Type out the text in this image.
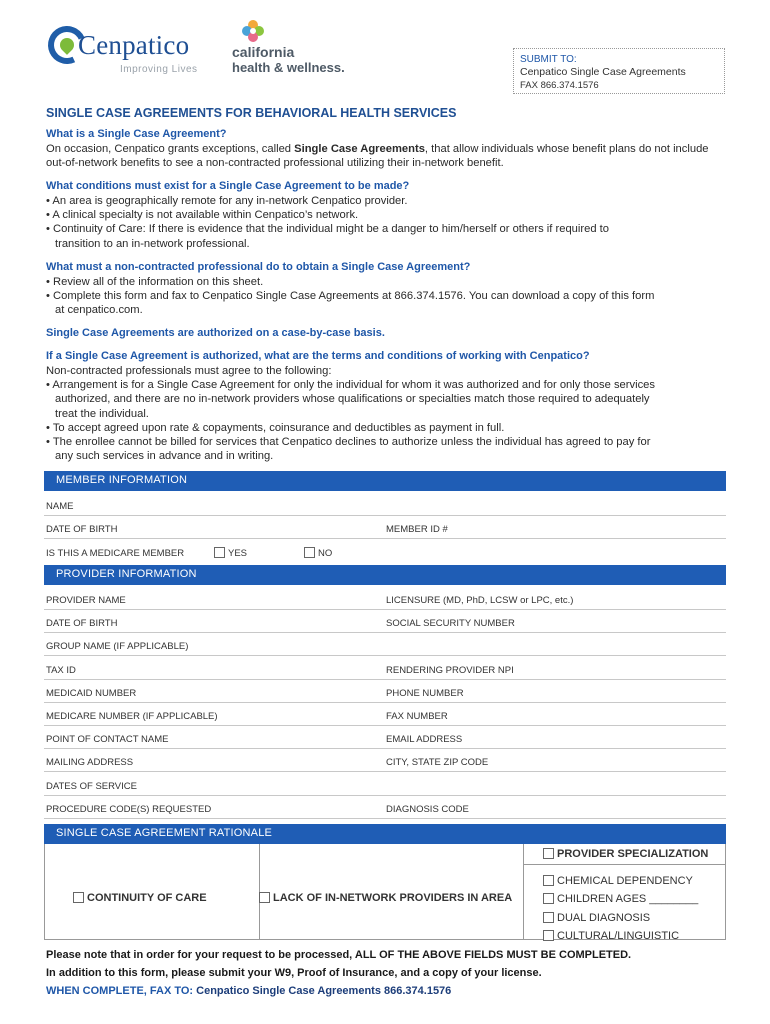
Cenpatico
Improving Lives
california
health & wellness.
SUBMIT TO:
Cenpatico Single Case Agreements
FAX 866.374.1576
SINGLE CASE AGREEMENTS FOR BEHAVIORAL HEALTH SERVICES
What is a Single Case Agreement?
On occasion, Cenpatico grants exceptions, called Single Case Agreements, that allow individuals whose benefit plans do not include out-of-network benefits to see a non-contracted professional utilizing their in-network benefit.
What conditions must exist for a Single Case Agreement to be made?
• An area is geographically remote for any in-network Cenpatico provider.
• A clinical specialty is not available within Cenpatico’s network.
• Continuity of Care: If there is evidence that the individual might be a danger to him/herself or others if required to
transition to an in-network professional.
What must a non-contracted professional do to obtain a Single Case Agreement?
• Review all of the information on this sheet.
• Complete this form and fax to Cenpatico Single Case Agreements at 866.374.1576. You can download a copy of this form
at cenpatico.com.
Single Case Agreements are authorized on a case-by-case basis.
If a Single Case Agreement is authorized, what are the terms and conditions of working with Cenpatico?
Non-contracted professionals must agree to the following:
• Arrangement is for a Single Case Agreement for only the individual for whom it was authorized and for only those services
authorized, and there are no in-network providers whose qualifications or specialties match those required to adequately
treat the individual.
• To accept agreed upon rate & copayments, coinsurance and deductibles as payment in full.
• The enrollee cannot be billed for services that Cenpatico declines to authorize unless the individual has agreed to pay for
any such services in advance and in writing.
MEMBER INFORMATION
NAME
DATE OF BIRTH	MEMBER ID #
IS THIS A MEDICARE MEMBER	YES	NO
PROVIDER INFORMATION
PROVIDER NAME	LICENSURE (MD, PhD, LCSW or LPC, etc.)
DATE OF BIRTH	SOCIAL SECURITY NUMBER
GROUP NAME (IF APPLICABLE)
TAX ID	RENDERING PROVIDER NPI
MEDICAID NUMBER	PHONE NUMBER
MEDICARE NUMBER (IF APPLICABLE)	FAX NUMBER
POINT OF CONTACT NAME	EMAIL ADDRESS
MAILING ADDRESS	CITY, STATE ZIP CODE
DATES OF SERVICE
PROCEDURE CODE(S) REQUESTED	DIAGNOSIS CODE
SINGLE CASE AGREEMENT RATIONALE
CONTINUITY OF CARE	LACK OF IN-NETWORK PROVIDERS IN AREA
PROVIDER SPECIALIZATION
CHEMICAL DEPENDENCY
CHILDREN AGES ________
DUAL DIAGNOSIS
CULTURAL/LINGUISTIC
Please note that in order for your request to be processed, ALL OF THE ABOVE FIELDS MUST BE COMPLETED.
In addition to this form, please submit your W9, Proof of Insurance, and a copy of your license.
WHEN COMPLETE, FAX TO: Cenpatico Single Case Agreements 866.374.1576
